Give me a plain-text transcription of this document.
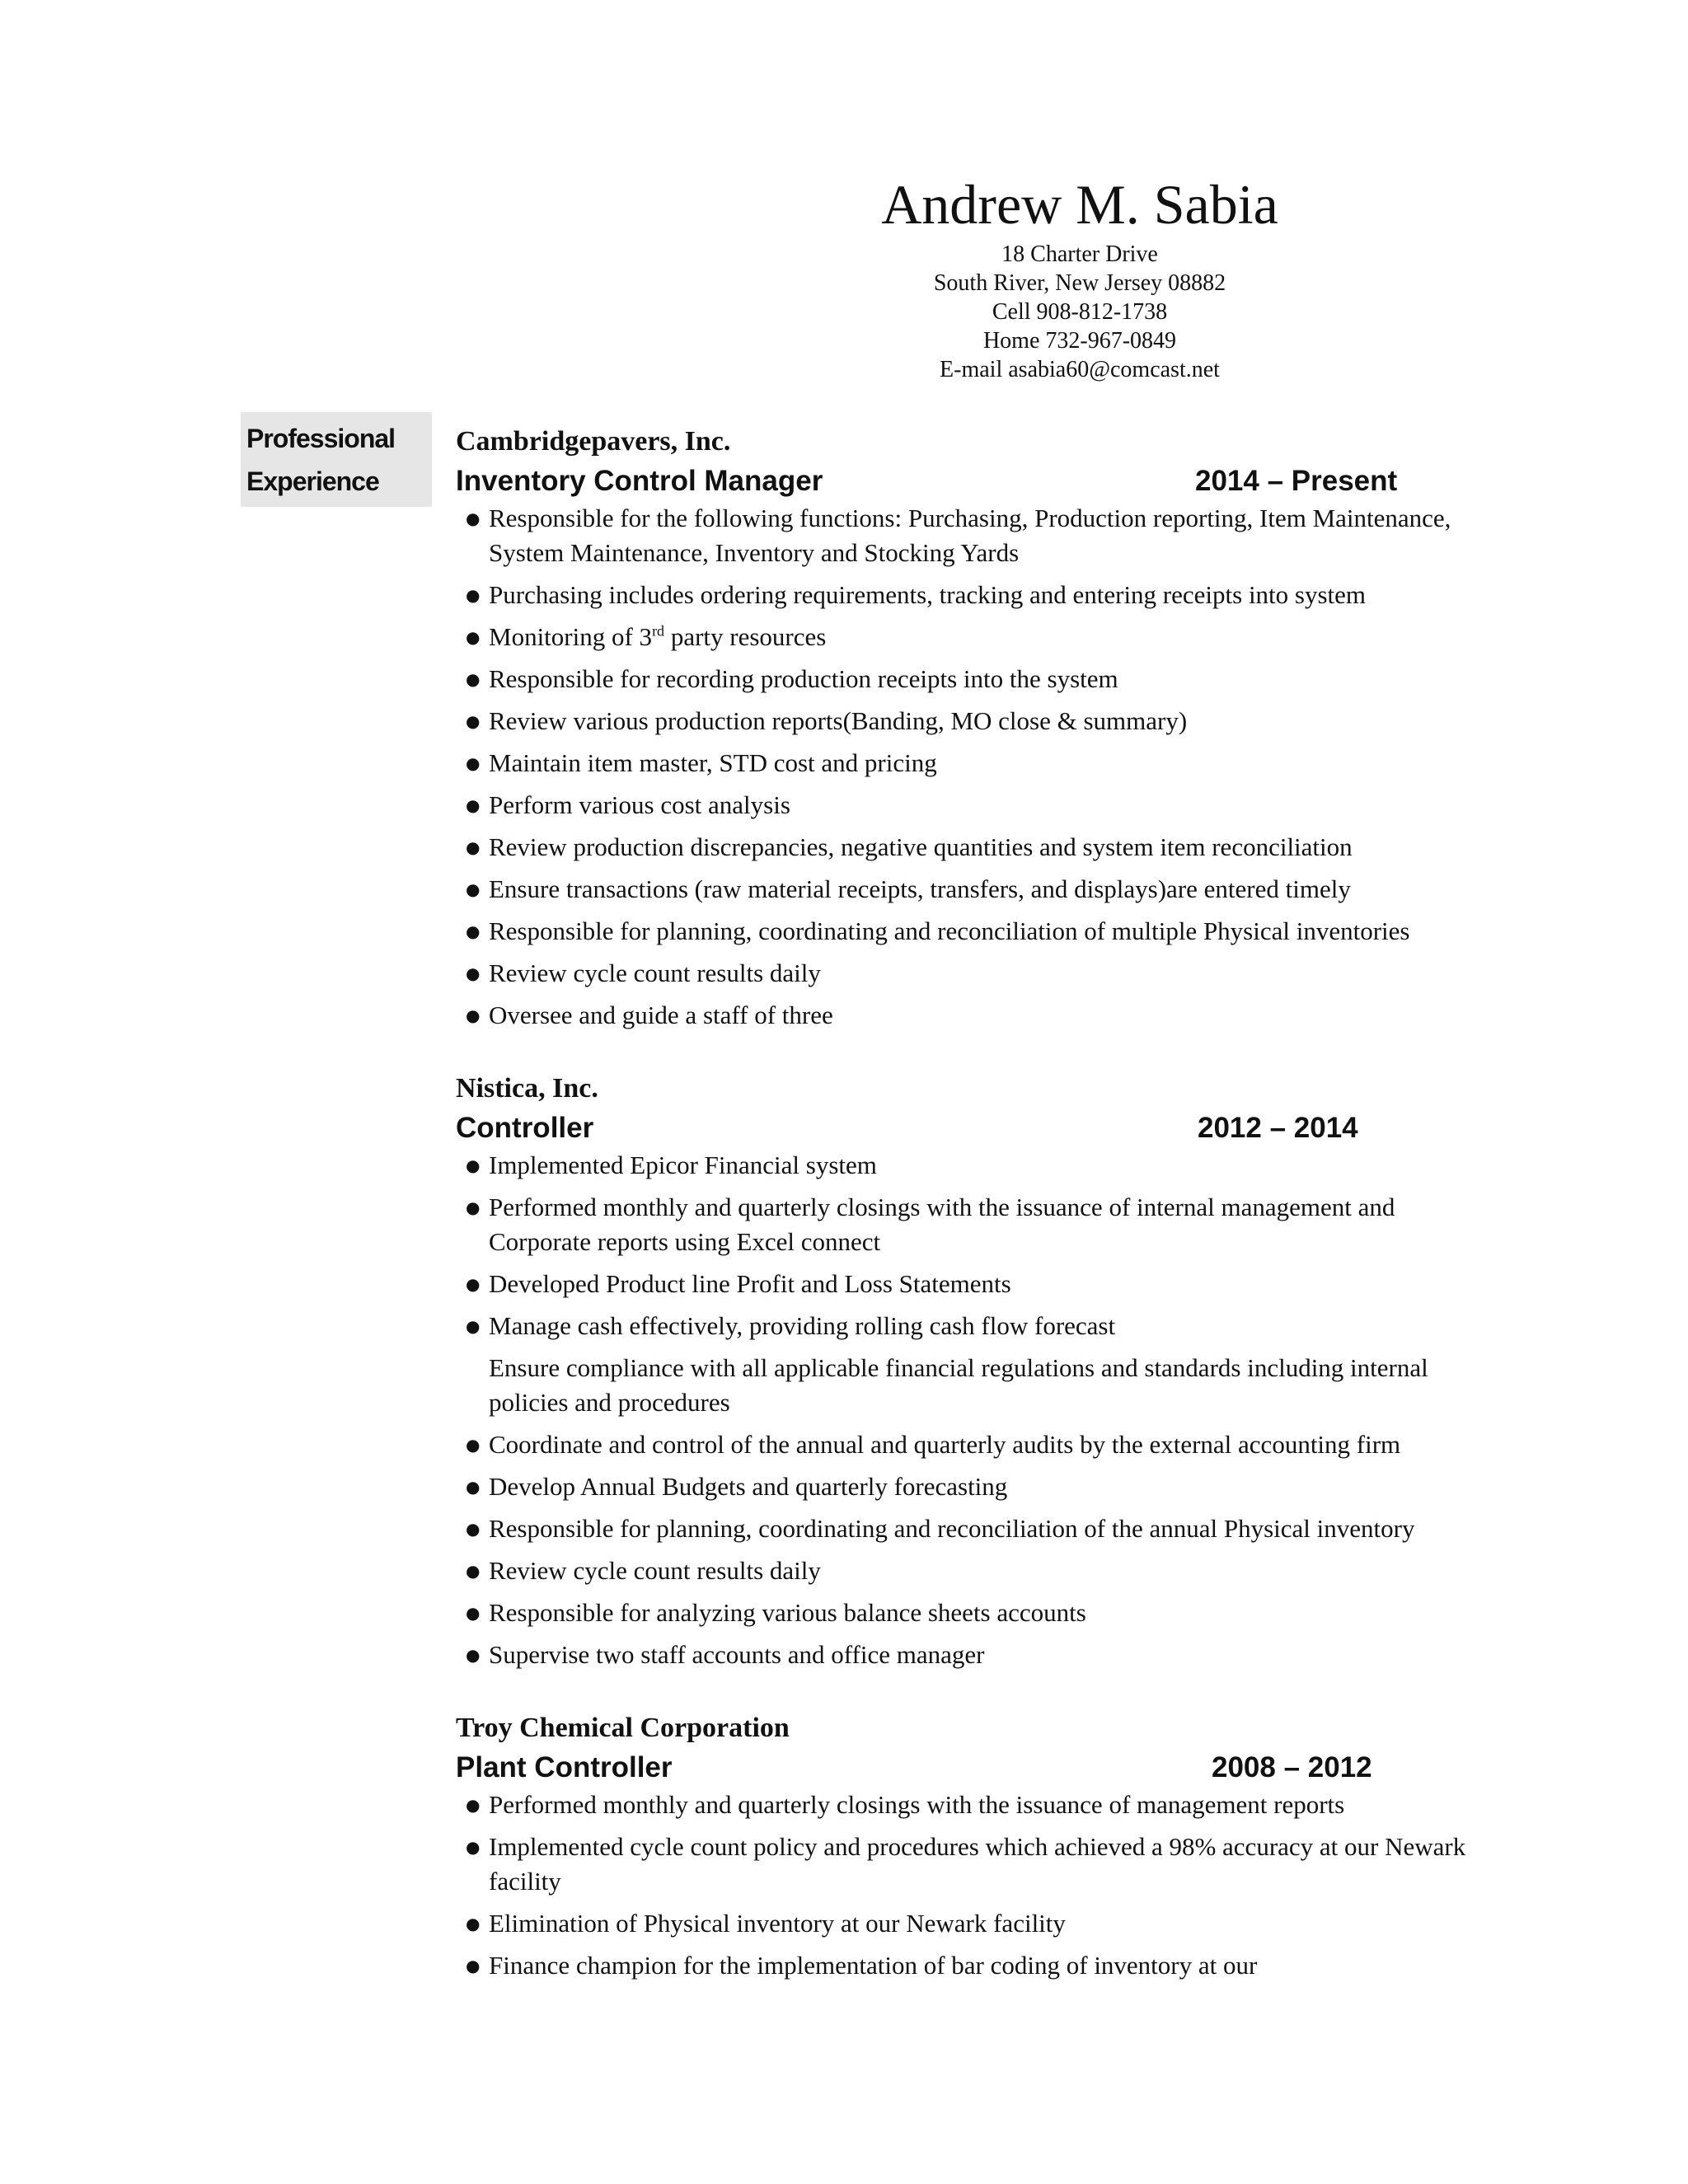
Andrew M. Sabia
18 Charter Drive
South River, New Jersey 08882
Cell 908-812-1738
Home 732-967-0849
E-mail asabia60@comcast.net
Professional
Experience
Cambridgepavers, Inc.
Inventory Control Manager	2014 – Present
● Responsible for the following functions: Purchasing, Production reporting, Item Maintenance, System Maintenance, Inventory and Stocking Yards
● Purchasing includes ordering requirements, tracking and entering receipts into system
● Monitoring of 3rd party resources
● Responsible for recording production receipts into the system
● Review various production reports(Banding, MO close & summary)
● Maintain item master, STD cost and pricing
● Perform various cost analysis
● Review production discrepancies, negative quantities and system item reconciliation
● Ensure transactions (raw material receipts, transfers, and displays)are entered timely
● Responsible for planning, coordinating and reconciliation of multiple Physical inventories
● Review cycle count results daily
● Oversee and guide a staff of three
Nistica, Inc.
Controller	2012 – 2014
● Implemented Epicor Financial system
● Performed monthly and quarterly closings with the issuance of internal management and Corporate reports using Excel connect
● Developed Product line Profit and Loss Statements
● Manage cash effectively, providing rolling cash flow forecast
Ensure compliance with all applicable financial regulations and standards including internal policies and procedures
● Coordinate and control of the annual and quarterly audits by the external accounting firm
● Develop Annual Budgets and quarterly forecasting
● Responsible for planning, coordinating and reconciliation of the annual Physical inventory
● Review cycle count results daily
● Responsible for analyzing various balance sheets accounts
● Supervise two staff accounts and office manager
Troy Chemical Corporation
Plant Controller	2008 – 2012
● Performed monthly and quarterly closings with the issuance of management reports
● Implemented cycle count policy and procedures which achieved a 98% accuracy at our Newark facility
● Elimination of Physical inventory at our Newark facility
● Finance champion for the implementation of bar coding of inventory at our
